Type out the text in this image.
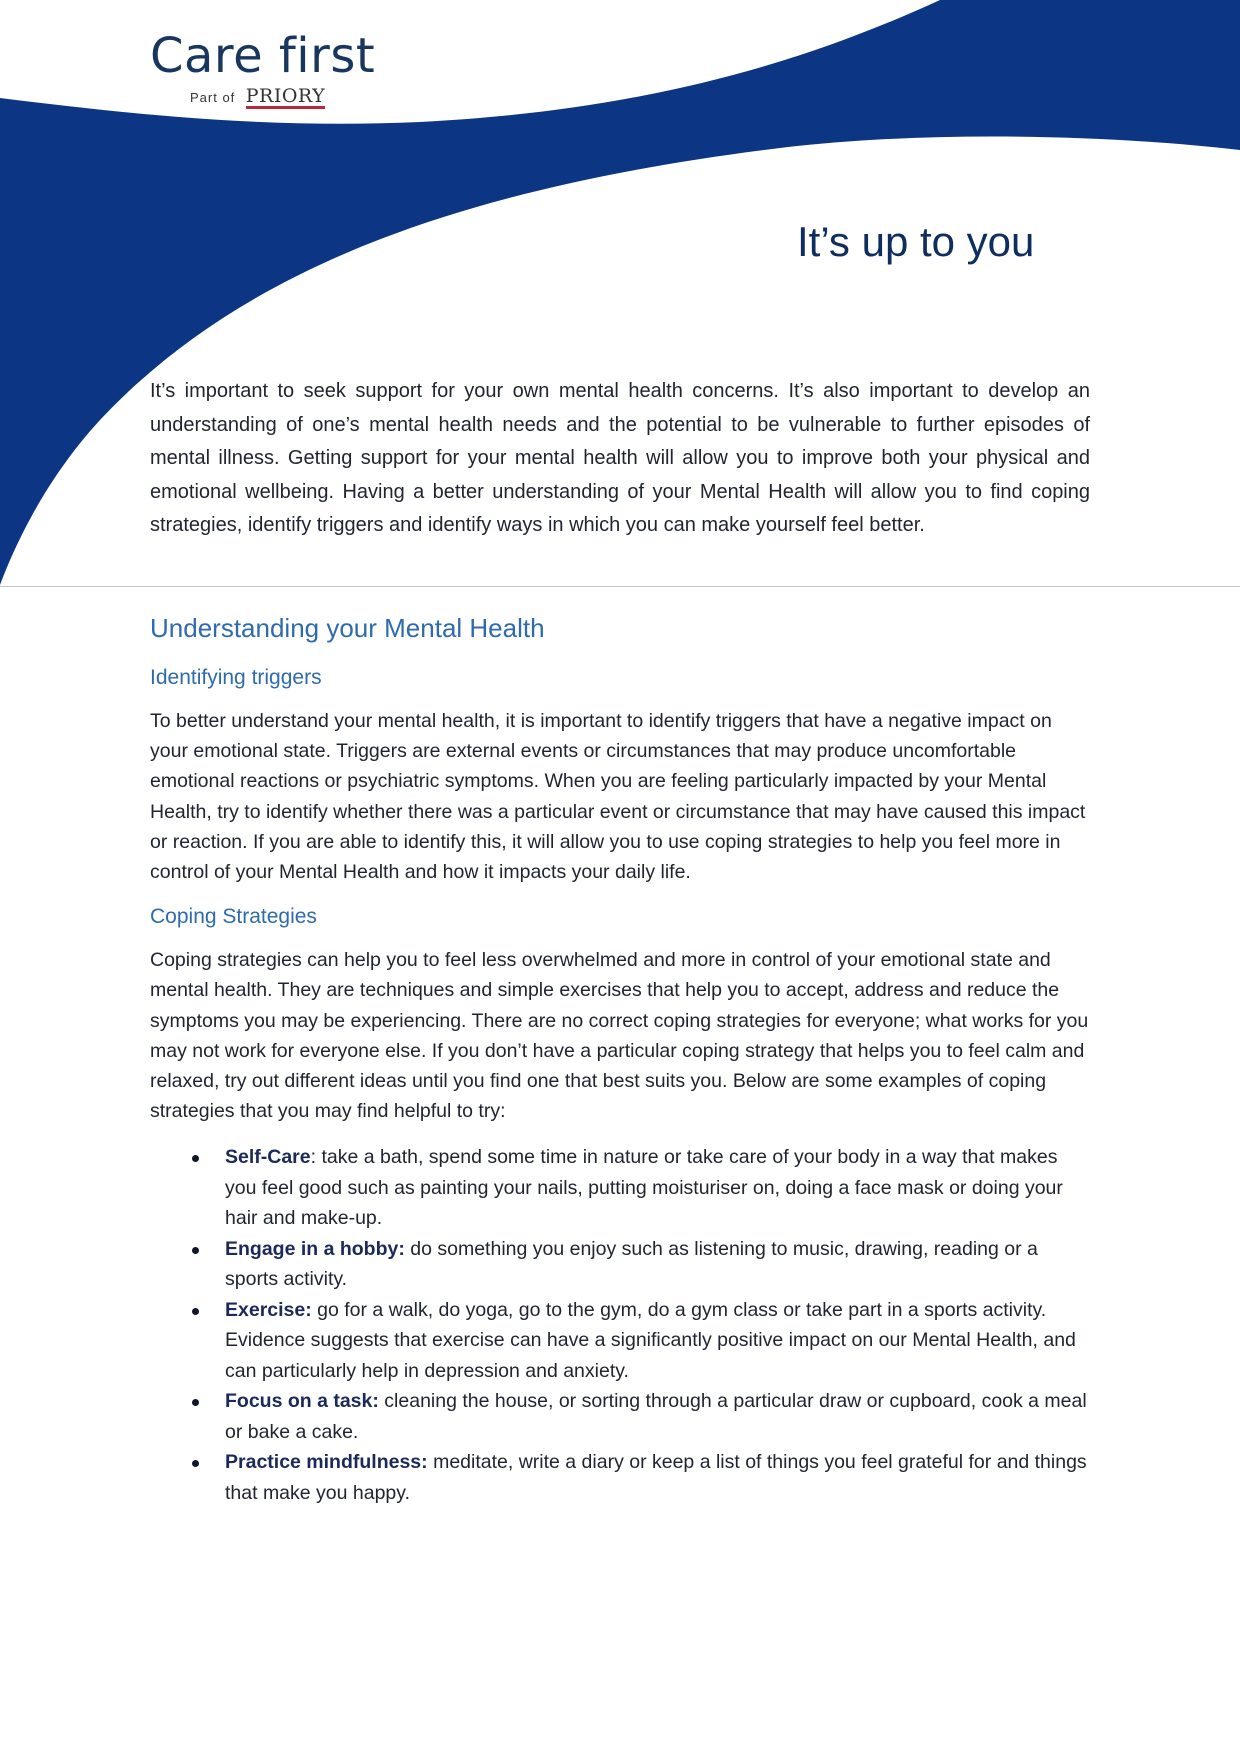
Care first
Part of PRIORY
It’s up to you

It’s important to seek support for your own mental health concerns. It’s also important to develop an understanding of one’s mental health needs and the potential to be vulnerable to further episodes of mental illness. Getting support for your mental health will allow you to improve both your physical and emotional wellbeing. Having a better understanding of your Mental Health will allow you to find coping strategies, identify triggers and identify ways in which you can make yourself feel better.

Understanding your Mental Health
Identifying triggers

To better understand your mental health, it is important to identify triggers that have a negative impact on your emotional state. Triggers are external events or circumstances that may produce uncomfortable emotional reactions or psychiatric symptoms. When you are feeling particularly impacted by your Mental Health, try to identify whether there was a particular event or circumstance that may have caused this impact or reaction. If you are able to identify this, it will allow you to use coping strategies to help you feel more in control of your Mental Health and how it impacts your daily life.

Coping Strategies

Coping strategies can help you to feel less overwhelmed and more in control of your emotional state and mental health. They are techniques and simple exercises that help you to accept, address and reduce the symptoms you may be experiencing. There are no correct coping strategies for everyone; what works for you may not work for everyone else. If you don’t have a particular coping strategy that helps you to feel calm and relaxed, try out different ideas until you find one that best suits you. Below are some examples of coping strategies that you may find helpful to try:

Self-Care: take a bath, spend some time in nature or take care of your body in a way that makes you feel good such as painting your nails, putting moisturiser on, doing a face mask or doing your hair and make-up.
Engage in a hobby: do something you enjoy such as listening to music, drawing, reading or a sports activity.
Exercise: go for a walk, do yoga, go to the gym, do a gym class or take part in a sports activity. Evidence suggests that exercise can have a significantly positive impact on our Mental Health, and can particularly help in depression and anxiety.
Focus on a task: cleaning the house, or sorting through a particular draw or cupboard, cook a meal or bake a cake.
Practice mindfulness: meditate, write a diary or keep a list of things you feel grateful for and things that make you happy.
